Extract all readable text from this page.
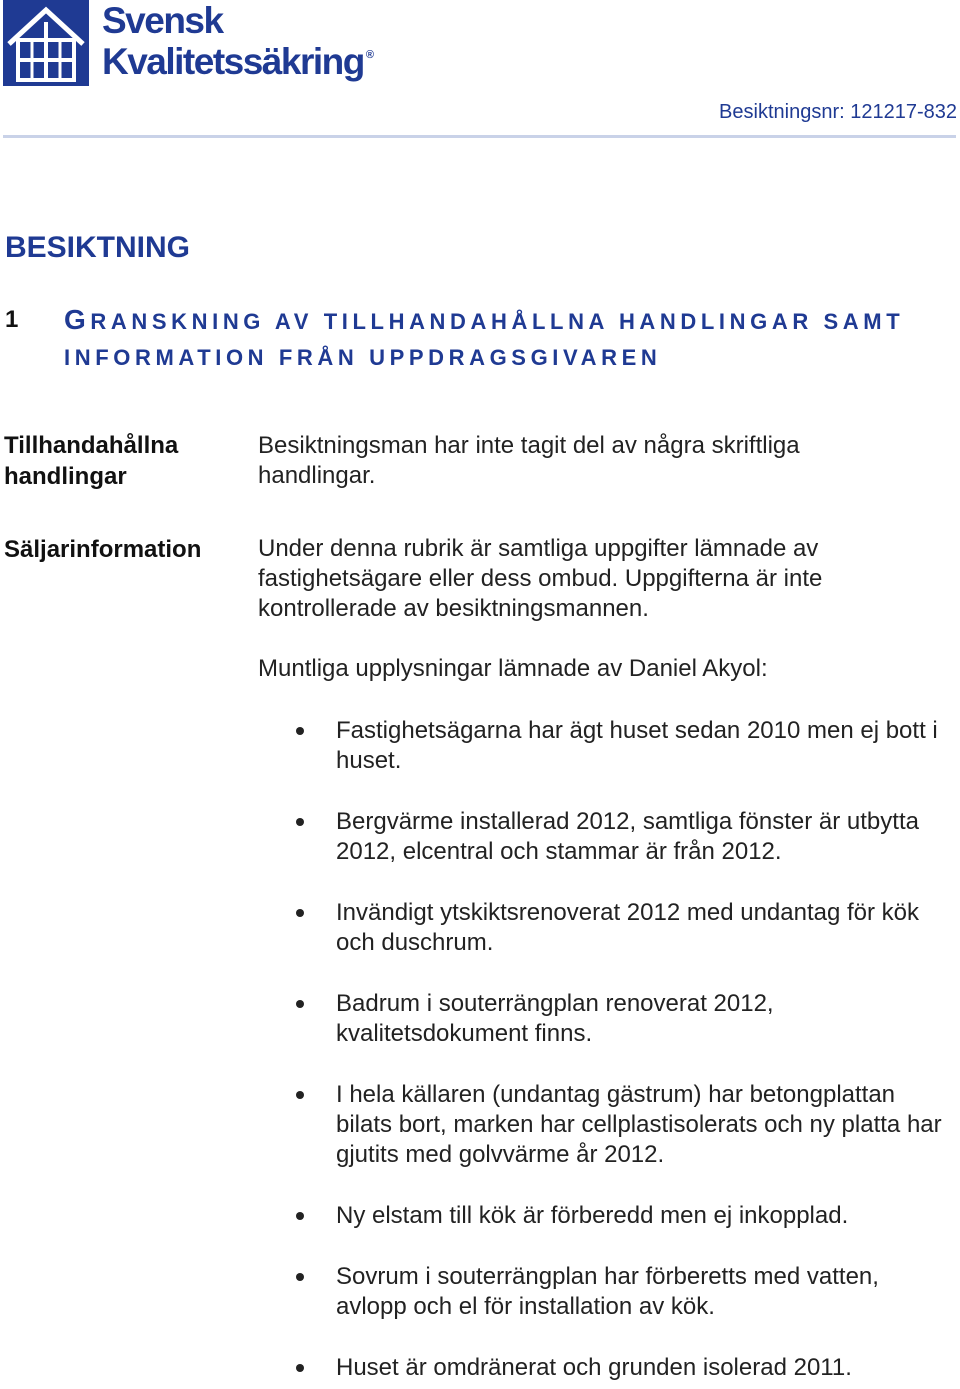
Svensk
Kvalitetssäkring ®
Besiktningsnr: 121217-832
BESIKTNING
1	GRANSKNING AV TILLHANDAHÅLLNA HANDLINGAR SAMT INFORMATION FRÅN UPPDRAGSGIVAREN
Tillhandahållna handlingar

Besiktningsman har inte tagit del av några skriftliga handlingar.

Säljarinformation	Under denna rubrik är samtliga uppgifter lämnade av fastighetsägare eller dess ombud. Uppgifterna är inte kontrollerade av besiktningsmannen.

Muntliga upplysningar lämnade av Daniel Akyol:

Fastighetsägarna har ägt huset sedan 2010 men ej bott i huset.
Bergvärme installerad 2012, samtliga fönster är utbytta 2012, elcentral och stammar är från 2012.
Invändigt ytskiktsrenoverat 2012 med undantag för kök och duschrum.
Badrum i souterrängplan renoverat 2012, kvalitetsdokument finns.
I hela källaren (undantag gästrum) har betongplattan bilats bort, marken har cellplastisolerats och ny platta har gjutits med golvvärme år 2012.
Ny elstam till kök är förberedd men ej inkopplad.
Sovrum i souterrängplan har förberetts med vatten, avlopp och el för installation av kök.
Huset är omdränerat och grunden isolerad 2011.
